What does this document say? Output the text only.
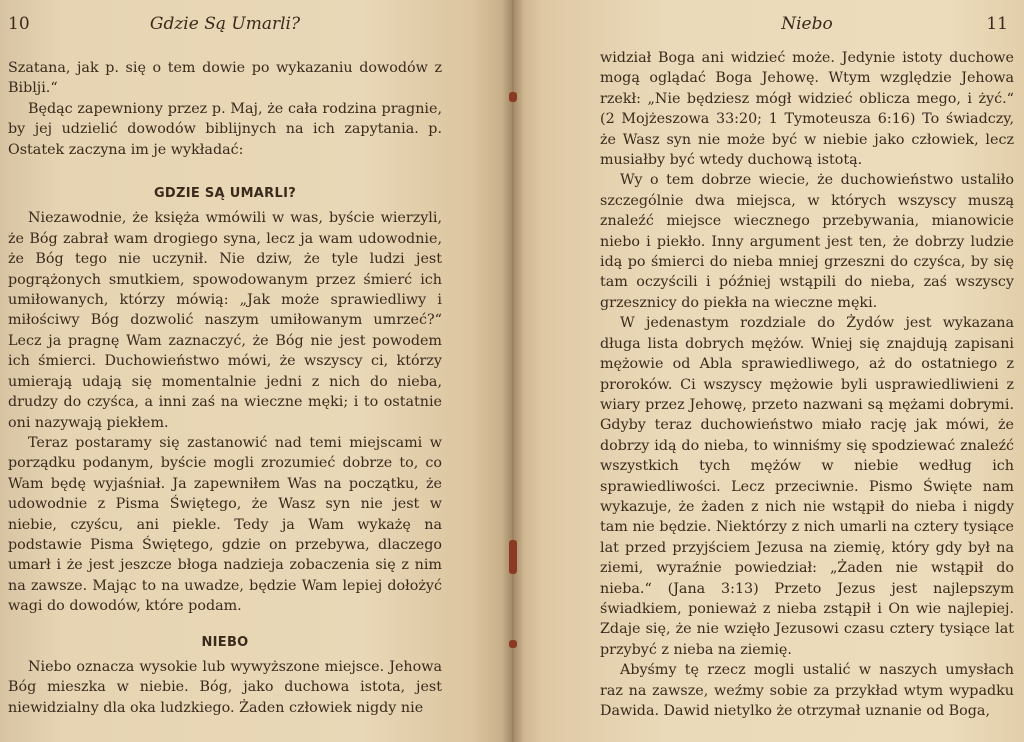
10	Gdzie Są Umarli?

Szatana, jak p. się o tem dowie po wykazaniu dowodów z Biblji.“

Będąc zapewniony przez p. Maj, że cała rodzina pragnie, by jej udzielić dowodów biblijnych na ich zapytania. p. Ostatek zaczyna im je wykładać:

GDZIE SĄ UMARLI?

Niezawodnie, że księża wmówili w was, byście wierzyli, że Bóg zabrał wam drogiego syna, lecz ja wam udowodnie, że Bóg tego nie uczynił. Nie dziw, że tyle ludzi jest pogrążonych smutkiem, spowodowanym przez śmierć ich umiłowanych, którzy mówią: „Jak może sprawiedliwy i miłościwy Bóg dozwolić naszym umiłowanym umrzeć?“ Lecz ja pragnę Wam zaznaczyć, że Bóg nie jest powodem ich śmierci. Duchowieństwo mówi, że wszyscy ci, którzy umierają udają się momentalnie jedni z nich do nieba, drudzy do czyśca, a inni zaś na wieczne męki; i to ostatnie oni nazywają piekłem.

Teraz postaramy się zastanowić nad temi miejscami w porządku podanym, byście mogli zrozumieć dobrze to, co Wam będę wyjaśniał. Ja zapewniłem Was na początku, że udowodnie z Pisma Świętego, że Wasz syn nie jest w niebie, czyścu, ani piekle. Tedy ja Wam wykażę na podstawie Pisma Świętego, gdzie on przebywa, dlaczego umarł i że jest jeszcze błoga nadzieja zobaczenia się z nim na zawsze. Mając to na uwadze, będzie Wam lepiej dołożyć wagi do dowodów, które podam.

NIEBO

Niebo oznacza wysokie lub wywyższone miejsce. Jehowa Bóg mieszka w niebie. Bóg, jako duchowa istota, jest niewidzialny dla oka ludzkiego. Żaden człowiek nigdy nie

Niebo	11

widział Boga ani widzieć może. Jedynie istoty duchowe mogą oglądać Boga Jehowę. Wtym względzie Jehowa rzekł: „Nie będziesz mógł widzieć oblicza mego, i żyć.“ (2 Mojżeszowa 33:20; 1 Tymoteusza 6:16) To świadczy, że Wasz syn nie może być w niebie jako człowiek, lecz musiałby być wtedy duchową istotą.

Wy o tem dobrze wiecie, że duchowieństwo ustaliło szczególnie dwa miejsca, w których wszyscy muszą znaleźć miejsce wiecznego przebywania, mianowicie niebo i piekło. Inny argument jest ten, że dobrzy ludzie idą po śmierci do nieba mniej grzeszni do czyśca, by się tam oczyścili i później wstąpili do nieba, zaś wszyscy grzesznicy do piekła na wieczne męki.

W jedenastym rozdziale do Żydów jest wykazana długa lista dobrych mężów. Wniej się znajdują zapisani mężowie od Abla sprawiedliwego, aż do ostatniego z proroków. Ci wszyscy mężowie byli usprawiedliwieni z wiary przez Jehowę, przeto nazwani są mężami dobrymi. Gdyby teraz duchowieństwo miało rację jak mówi, że dobrzy idą do nieba, to winniśmy się spodziewać znaleźć wszystkich tych mężów w niebie według ich sprawiedliwości. Lecz przeciwnie. Pismo Święte nam wykazuje, że żaden z nich nie wstąpił do nieba i nigdy tam nie będzie. Niektórzy z nich umarli na cztery tysiące lat przed przyjściem Jezusa na ziemię, który gdy był na ziemi, wyraźnie powiedział: „Żaden nie wstąpił do nieba.“ (Jana 3:13) Przeto Jezus jest najlepszym świadkiem, ponieważ z nieba zstąpił i On wie najlepiej. Zdaje się, że nie wzięło Jezusowi czasu cztery tysiące lat przybyć z nieba na ziemię.

Abyśmy tę rzecz mogli ustalić w naszych umysłach raz na zawsze, weźmy sobie za przykład wtym wypadku Dawida. Dawid nietylko że otrzymał uznanie od Boga,
